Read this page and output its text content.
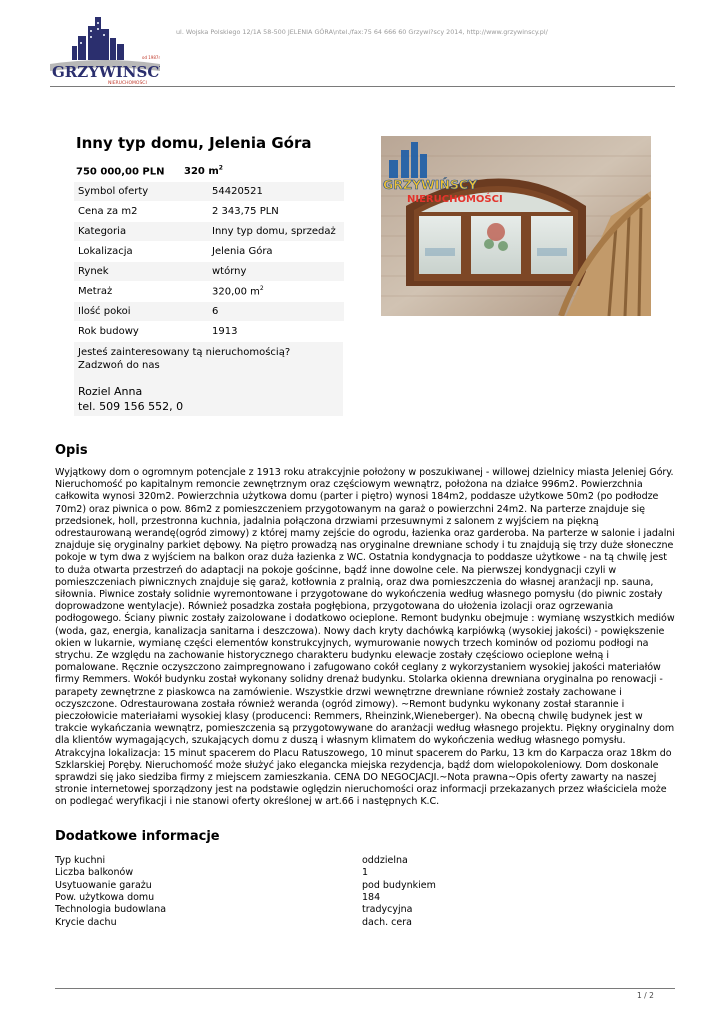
GRZYWINSCY
od 1987r
NIERUCHOMOŚCI
ul. Wojska Polskiego 12/1A 58-500 JELENIA GÓRA\ntel./fax:75 64 666 60 Grzywi?scy 2014, http://www.grzywinscy.pl/
Inny typ domu, Jelenia Góra
750 000,00 PLN 320 $m^2$
Symbol oferty	54420521
Cena za m2	2 343,75 PLN
Kategoria	Inny typ domu, sprzedaż
Lokalizacja	Jelenia Góra
Rynek	wtórny
Metraż	320,00 $m^2$
Ilość pokoi	6
Rok budowy	1913
Jesteś zainteresowany tą nieruchomością? Zadzwoń do nas
Roziel Anna
tel. 509 156 552, 0
GRZYWIŃSCY
NIERUCHOMOŚCI
Opis
Wyjątkowy dom o ogromnym potencjale z 1913 roku atrakcyjnie położony w poszukiwanej - willowej dzielnicy miasta Jeleniej Góry. Nieruchomość po kapitalnym remoncie zewnętrznym oraz częściowym wewnątrz, położona na działce 996m2. Powierzchnia całkowita wynosi 320m2. Powierzchnia użytkowa domu (parter i piętro) wynosi 184m2, poddasze użytkowe 50m2 (po podłodze 70m2) oraz piwnica o pow. 86m2 z pomieszczeniem przygotowanym na garaż o powierzchni 24m2. Na parterze znajduje się przedsionek, holl, przestronna kuchnia, jadalnia połączona drzwiami przesuwnymi z salonem z wyjściem na piękną odrestaurowaną werandę(ogród zimowy) z której mamy zejście do ogrodu, łazienka oraz garderoba. Na parterze w salonie i jadalni znajduje się oryginalny parkiet dębowy. Na piętro prowadzą nas oryginalne drewniane schody i tu znajdują się trzy duże słoneczne pokoje w tym dwa z wyjściem na balkon oraz duża łazienka z WC. Ostatnia kondygnacja to poddasze użytkowe - na tą chwilę jest to duża otwarta przestrzeń do adaptacji na pokoje gościnne, bądź inne dowolne cele. Na pierwszej kondygnacji czyli w pomieszczeniach piwnicznych znajduje się garaż, kotłownia z pralnią, oraz dwa pomieszczenia do własnej aranżacji np. sauna, siłownia. Piwnice zostały solidnie wyremontowane i przygotowane do wykończenia według własnego pomysłu (do piwnic zostały doprowadzone wentylacje). Również posadzka została pogłębiona, przygotowana do ułożenia izolacji oraz ogrzewania podłogowego. Ściany piwnic zostały zaizolowane i dodatkowo ocieplone. Remont budynku obejmuje : wymianę wszystkich mediów (woda, gaz, energia, kanalizacja sanitarna i deszczowa). Nowy dach kryty dachówką karpiówką (wysokiej jakości) - powiększenie okien w lukarnie, wymianę części elementów konstrukcyjnych, wymurowanie nowych trzech kominów od poziomu podłogi na strychu. Ze względu na zachowanie historycznego charakteru budynku elewacje zostały częściowo ocieplone wełną i pomalowane. Ręcznie oczyszczono zaimpregnowano i zafugowano cokół ceglany z wykorzystaniem wysokiej jakości materiałów firmy Remmers. Wokół budynku został wykonany solidny drenaż budynku. Stolarka okienna drewniana oryginalna po renowacji - parapety zewnętrzne z piaskowca na zamówienie. Wszystkie drzwi wewnętrzne drewniane również zostały zachowane i oczyszczone. Odrestaurowana została również weranda (ogród zimowy). ~Remont budynku wykonany został starannie i pieczołowicie materiałami wysokiej klasy (producenci: Remmers, Rheinzink,Wieneberger). Na obecną chwilę budynek jest w trakcie wykańczania wewnątrz, pomieszczenia są przygotowywane do aranżacji według własnego projektu. Piękny oryginalny dom dla klientów wymagających, szukających domu z duszą i własnym klimatem do wykończenia według własnego pomysłu. Atrakcyjna lokalizacja: 15 minut spacerem do Placu Ratuszowego, 10 minut spacerem do Parku, 13 km do Karpacza oraz 18km do Szklarskiej Poręby. Nieruchomość może służyć jako elegancka miejska rezydencja, bądź dom wielopokoleniowy. Dom doskonale sprawdzi się jako siedziba firmy z miejscem zamieszkania. CENA DO NEGOCJACJI.~Nota prawna~Opis oferty zawarty na naszej stronie internetowej sporządzony jest na podstawie oględzin nieruchomości oraz informacji przekazanych przez właściciela może on podlegać weryfikacji i nie stanowi oferty określonej w art.66 i następnych K.C.
Dodatkowe informacje
Typ kuchni	oddzielna
Liczba balkonów	1
Usytuowanie garażu	pod budynkiem
Pow. użytkowa domu	184
Technologia budowlana	tradycyjna
Krycie dachu	dach. cera
1 / 2
